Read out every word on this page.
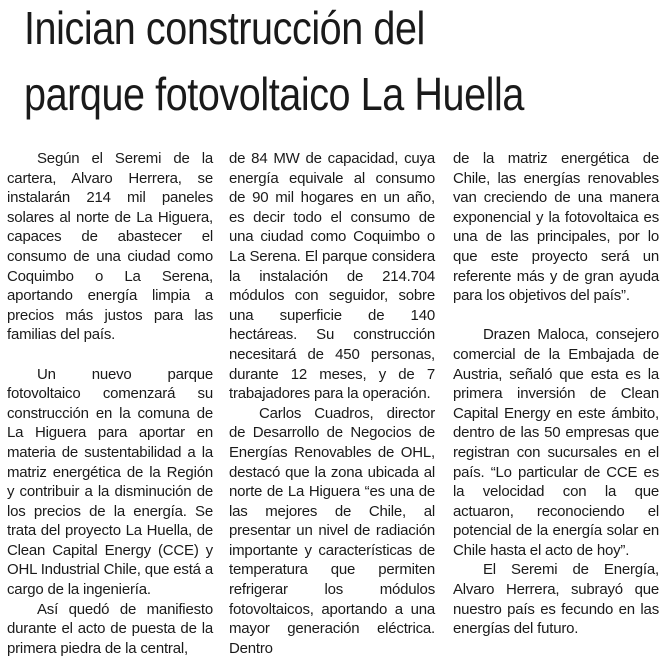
Inician construcción del
parque fotovoltaico La Huella

Según el Seremi de la cartera, Alvaro Herrera, se instalarán 214 mil paneles solares al norte de La Higuera, capaces de abastecer el consumo de una ciudad como Coquimbo o La Serena, aportando energía limpia a precios más justos para las familias del país.

Un nuevo parque fotovoltaico comenzará su construcción en la comuna de La Higuera para aportar en materia de sustentabilidad a la matriz energética de la Región y contribuir a la disminución de los precios de la energía. Se trata del proyecto La Huella, de Clean Capital Energy (CCE) y OHL Industrial Chile, que está a cargo de la ingeniería.

Así quedó de manifiesto durante el acto de puesta de la primera piedra de la central,

de 84 MW de capacidad, cuya energía equivale al consumo de 90 mil hogares en un año, es decir todo el consumo de una ciudad como Coquimbo o La Serena. El parque considera la instalación de 214.704 módulos con seguidor, sobre una superficie de 140 hectáreas. Su construcción necesitará de 450 personas, durante 12 meses, y de 7 trabajadores para la operación.

Carlos Cuadros, director de Desarrollo de Negocios de Energías Renovables de OHL, destacó que la zona ubicada al norte de La Higuera “es una de las mejores de Chile, al presentar un nivel de radiación importante y características de temperatura que permiten refrigerar los módulos fotovoltaicos, aportando a una mayor generación eléctrica. Dentro

de la matriz energética de Chile, las energías renovables van creciendo de una manera exponencial y la fotovoltaica es una de las principales, por lo que este proyecto será un referente más y de gran ayuda para los objetivos del país”.

Drazen Maloca, consejero comercial de la Embajada de Austria, señaló que esta es la primera inversión de Clean Capital Energy en este ámbito, dentro de las 50 empresas que registran con sucursales en el país. “Lo particular de CCE es la velocidad con la que actuaron, reconociendo el potencial de la energía solar en Chile hasta el acto de hoy”.

El Seremi de Energía, Alvaro Herrera, subrayó que nuestro país es fecundo en las energías del futuro.
